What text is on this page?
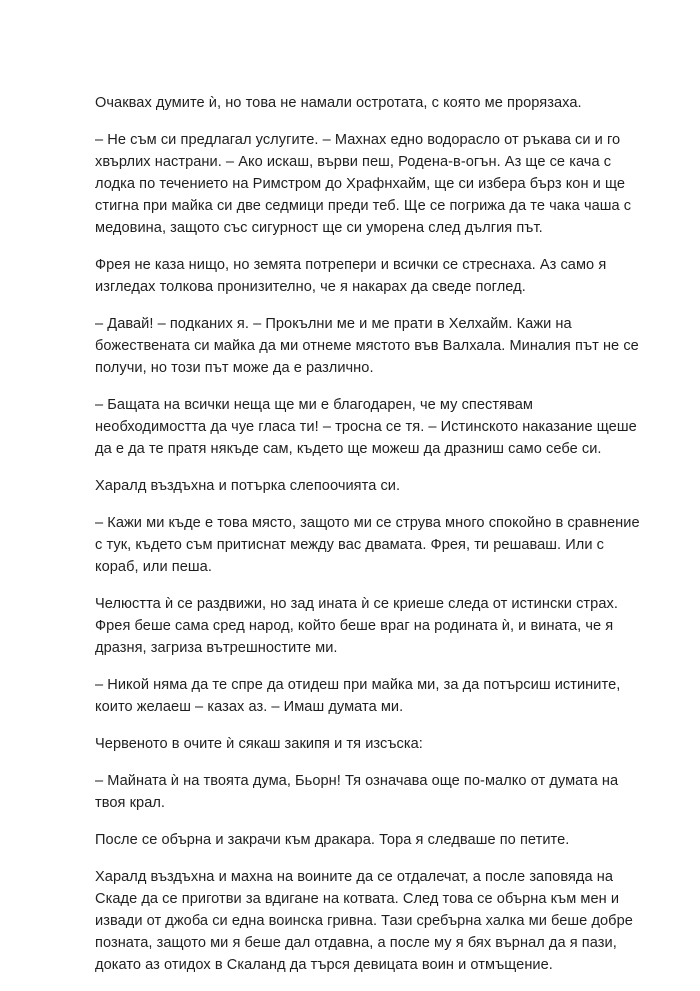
Очаквах думите ѝ, но това не намали остротата, с която ме прорязаха.

– Не съм си предлагал услугите. – Махнах едно водорасло от ръкава си и го
хвърлих настрани. – Ако искаш, върви пеш, Родена-в-огън. Аз ще се кача с
лодка по течението на Римстром до Храфнхайм, ще си избера бърз кон и ще
стигна при майка си две седмици преди теб. Ще се погрижа да те чака чаша с
медовина, защото със сигурност ще си уморена след дългия път.

Фрея не каза нищо, но земята потрепери и всички се стреснаха. Аз само я
изгледах толкова пронизително, че я накарах да сведе поглед.

– Давай! – подканих я. – Прокълни ме и ме прати в Хелхайм. Кажи на
божествената си майка да ми отнеме мястото във Валхала. Миналия път не се
получи, но този път може да е различно.

– Бащата на всички неща ще ми е благодарен, че му спестявам
необходимостта да чуе гласа ти! – тросна се тя. – Истинското наказание щеше
да е да те пратя някъде сам, където ще можеш да дразниш само себе си.

Харалд въздъхна и потърка слепоочията си.

– Кажи ми къде е това място, защото ми се струва много спокойно в сравнение
с тук, където съм притиснат между вас двамата. Фрея, ти решаваш. Или с
кораб, или пеша.

Челюстта ѝ се раздвижи, но зад ината ѝ се криеше следа от истински страх.
Фрея беше сама сред народ, който беше враг на родината ѝ, и вината, че я
дразня, загриза вътрешностите ми.

– Никой няма да те спре да отидеш при майка ми, за да потърсиш истините,
които желаеш – казах аз. – Имаш думата ми.

Червеното в очите ѝ сякаш закипя и тя изсъска:

– Майната ѝ на твоята дума, Бьорн! Тя означава още по-малко от думата на
твоя крал.

После се обърна и закрачи към дракара. Тора я следваше по петите.

Харалд въздъхна и махна на воините да се отдалечат, а после заповяда на
Скаде да се приготви за вдигане на котвата. След това се обърна към мен и
извади от джоба си една воинска гривна. Тази сребърна халка ми беше добре
позната, защото ми я беше дал отдавна, а после му я бях върнал да я пази,
докато аз отидох в Скаланд да търся девицата воин и отмъщение.
